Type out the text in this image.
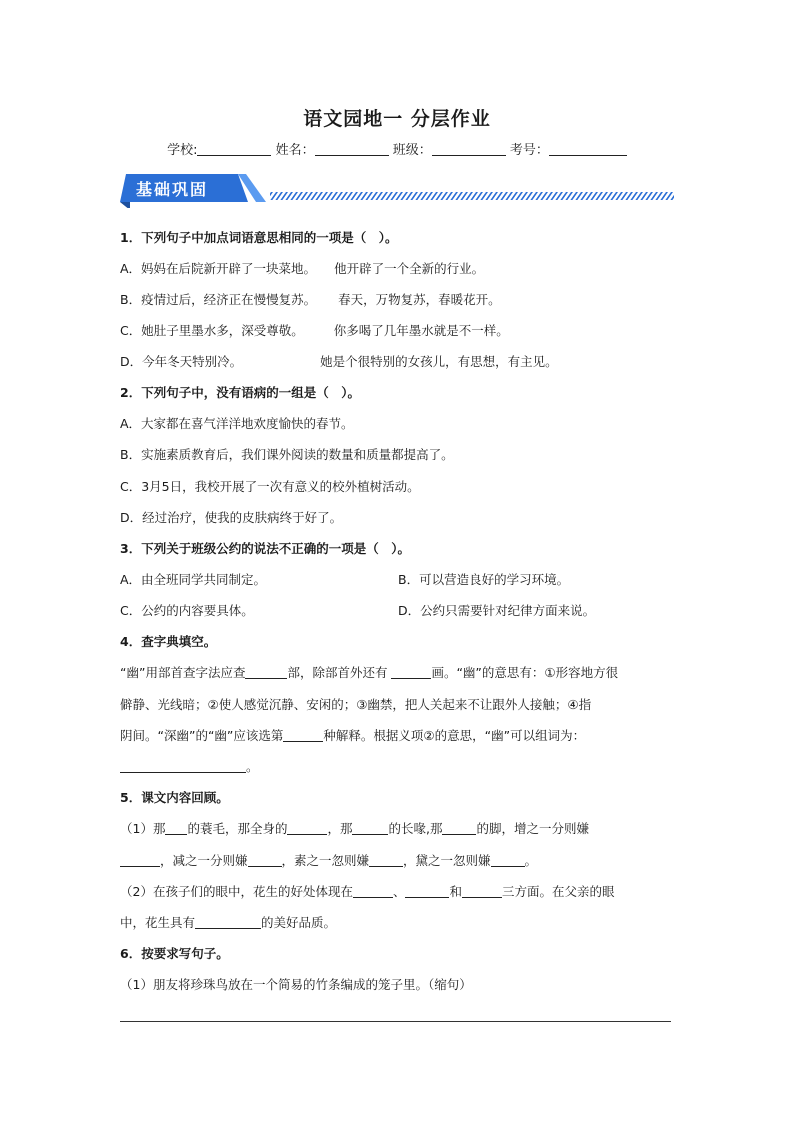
语文园地一 分层作业
学校:	姓名：	班级：	考号：
基础巩固
1．下列句子中加点词语意思相同的一项是（　）。
A．妈妈在后院新开辟了一块菜地。 他开辟了一个全新的行业。
B．疫情过后，经济正在慢慢复苏。 春天，万物复苏，春暖花开。
C．她肚子里墨水多，深受尊敬。 你多喝了几年墨水就是不一样。
D．今年冬天特别冷。	她是个很特别的女孩儿，有思想，有主见。
2．下列句子中，没有语病的一组是（　）。
A．大家都在喜气洋洋地欢度愉快的春节。
B．实施素质教育后，我们课外阅读的数量和质量都提高了。
C．3月5日，我校开展了一次有意义的校外植树活动。
D．经过治疗，使我的皮肤病终于好了。
3．下列关于班级公约的说法不正确的一项是（　）。
A．由全班同学共同制定。	B．可以营造良好的学习环境。
C．公约的内容要具体。	D．公约只需要针对纪律方面来说。
4．查字典填空。
“幽”用部首查字法应查	部，除部首外还有	画。“幽”的意思有：①形容地方很
僻静、光线暗；②使人感觉沉静、安闲的；③幽禁，把人关起来不让跟外人接触；④指
阴间。“深幽”的“幽”应该选第	种解释。根据义项②的意思，“幽”可以组词为：
。
5．课文内容回顾。
（1）那 的蓑毛，那全身的	，那	的长喙,那	的脚，增之一分则嫌
，减之一分则嫌	，素之一忽则嫌	，黛之一忽则嫌	。
（2）在孩子们的眼中，花生的好处体现在	、	和	三方面。在父亲的眼
中，花生具有	的美好品质。
6．按要求写句子。
（1）朋友将珍珠鸟放在一个简易的竹条编成的笼子里。（缩句）
